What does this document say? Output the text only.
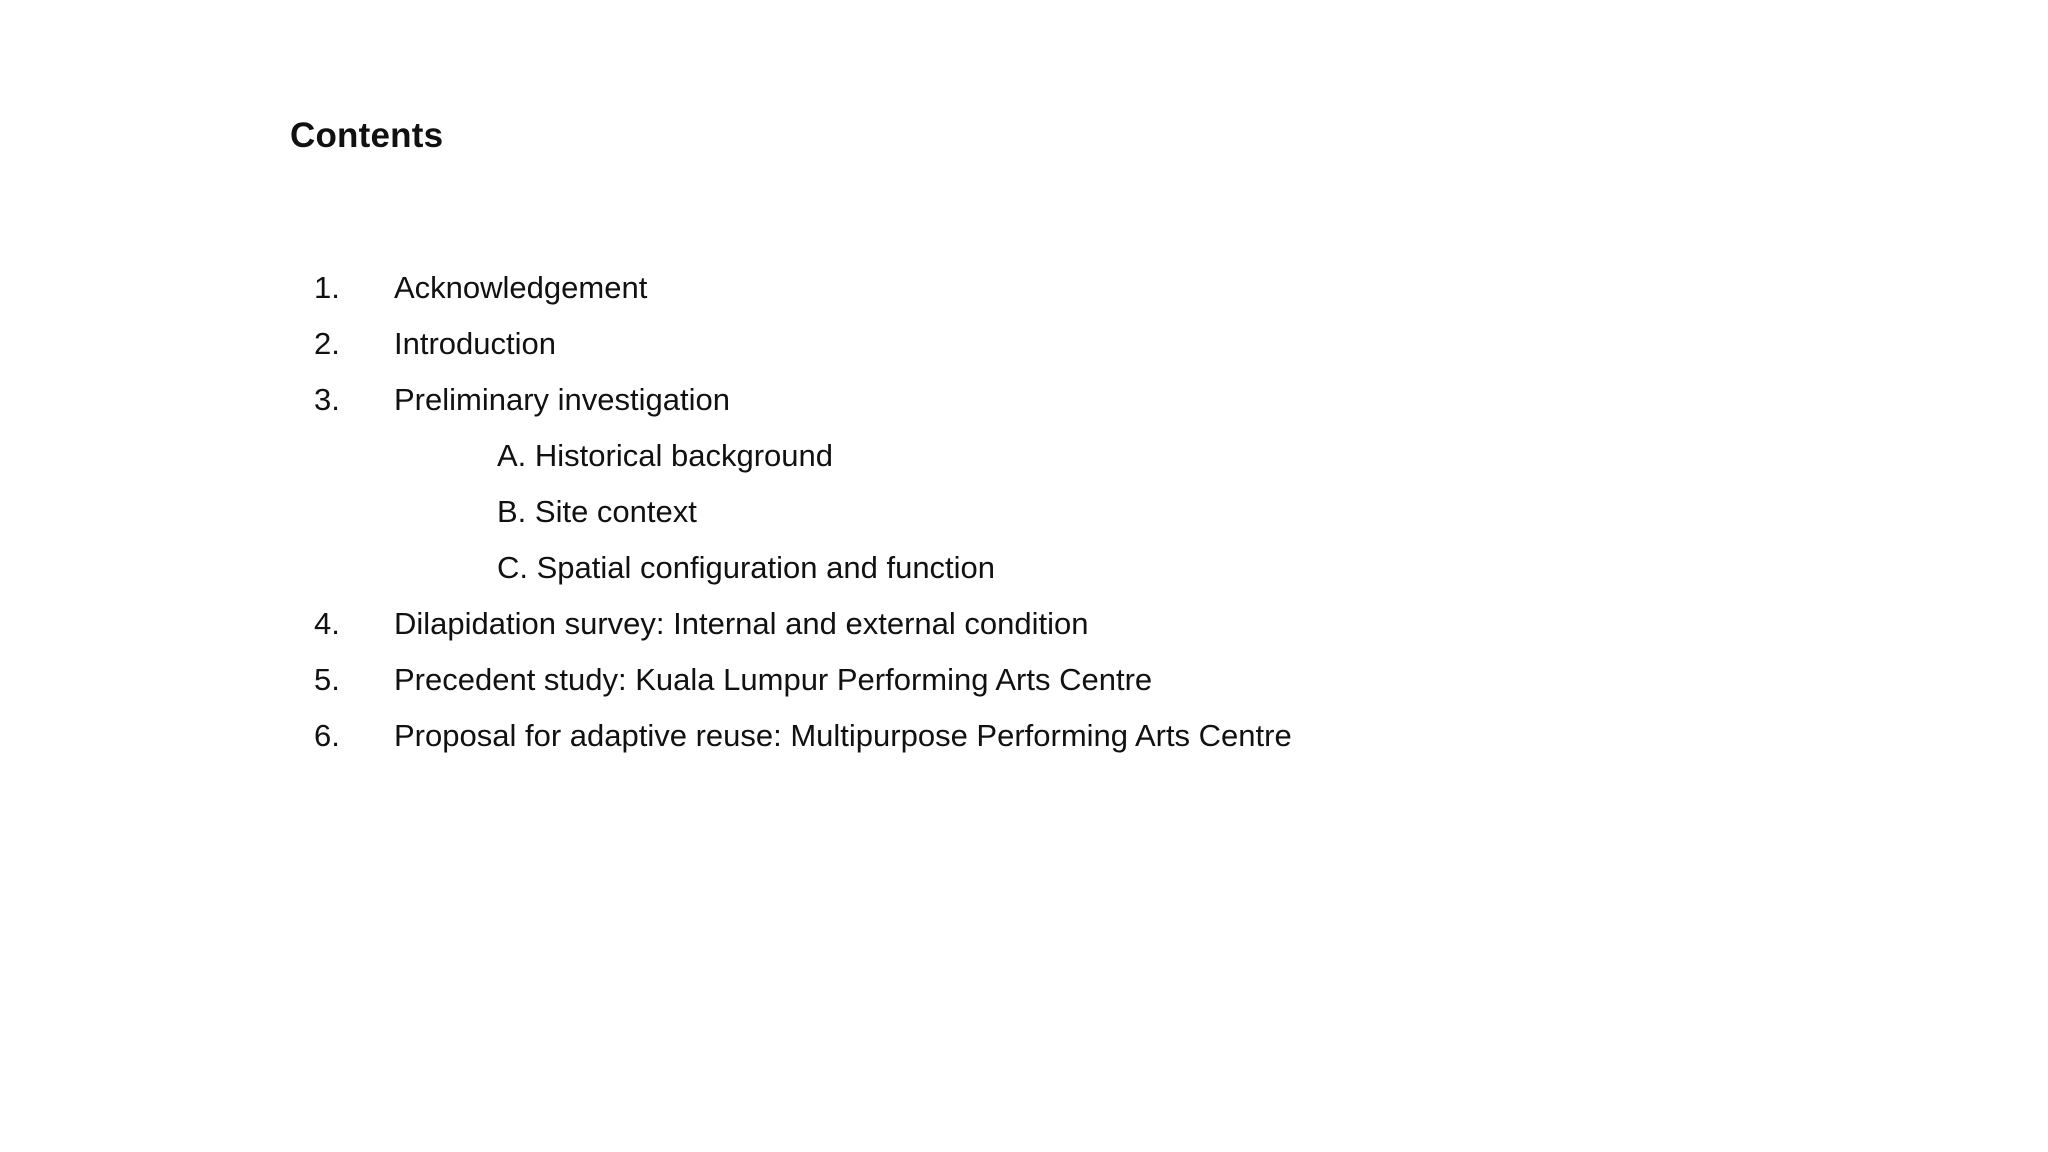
Contents
1. Acknowledgement
2. Introduction
3. Preliminary investigation
A. Historical background
B. Site context
C. Spatial configuration and function
4. Dilapidation survey: Internal and external condition
5. Precedent study: Kuala Lumpur Performing Arts Centre
6. Proposal for adaptive reuse: Multipurpose Performing Arts Centre
